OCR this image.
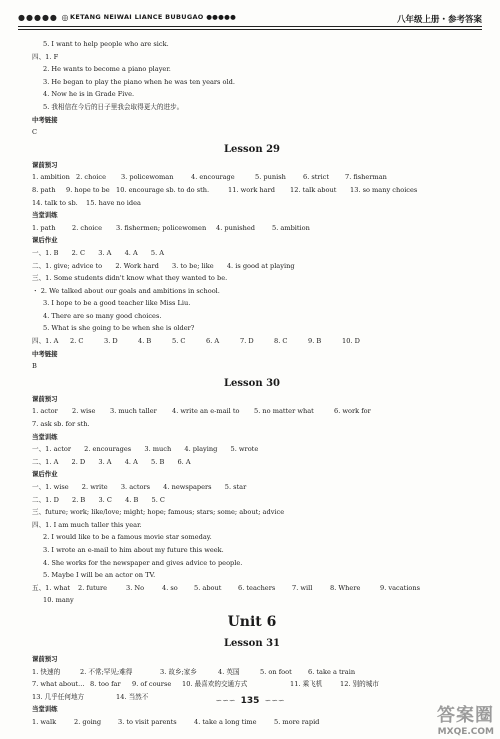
●●●●● ◎ KETANG NEIWAI LIANCE BUBUGAO ●●●●●	八年级上册・参考答案
5. I want to help people who are sick.
四、1. F
2. He wants to become a piano player.
3. He began to play the piano when he was ten years old.
4. Now he is in Grade Five.
5. 我相信在今后的日子里我会取得更大的进步。
中考链接
C
Lesson 29
课前预习
1. ambition 2. choice 3. policewoman	4. encourage	5. punish	6. strict 7. fisherman
8. path 9. hope to be 10. encourage sb. to do sth.	11. work hard 12. talk about 13. so many choices
14. talk to sb. 15. have no idea
当堂训练
1. path	2. choice 3. fishermen; policewomen 4. punished	5. ambition
课后作业
一、1. B　　2. C　　3. A　　4. A　　5. A
二、1. give; advice to　　2. Work hard　　3. to be; like　　4. is good at playing
三、1. Some students didn't know what they wanted to be.
・ 2. We talked about our goals and ambitions in school.
3. I hope to be a good teacher like Miss Liu.
4. There are so many good choices.
5. What is she going to be when she is older?
四、1. A 2. C	3. D	4. B	5. C	6. A	7. D	8. C	9. B	10. D
中考链接
B
Lesson 30
课前预习
1. actor 2. wise 3. much taller 4. write an e-mail to 5. no matter what	6. work for
7. ask sb. for sth.
当堂训练
一、1. actor　　2. encourages　　3. much　　4. playing　　5. wrote
二、1. A　　2. D　　3. A　　4. A　　5. B　　6. A
课后作业
一、1. wise　　2. write　　3. actors　　4. newspapers　　5. star
二、1. D　　2. B　　3. C　　4. B　　5. C
三、future; work; like/love; might; hope; famous; stars; some; about; advice
四、1. I am much taller this year.
2. I would like to be a famous movie star someday.
3. I wrote an e-mail to him about my future this week.
4. She works for the newspaper and gives advice to people.
5. Maybe I will be an actor on TV.
五、1. what 2. future	3. No	4. so 5. about	6. teachers	7. will	8. Where	9. vacations
10. many
Unit 6
Lesson 31
课前预习
1. 快速的	2. 不常;罕见;难得	3. 故乡;家乡	4. 英国	5. on foot 6. take a train
7. what about… 8. too far 9. of course 10. 最喜欢的交通方式	11. 乘飞机	12. 别的城市
13. 几乎任何地方	14. 当然不
当堂训练
1. walk	2. going	3. to visit parents	4. take a long time	5. more rapid
∽∽∽ 135 ∽∽∽
答案圈
MXQE.COM
